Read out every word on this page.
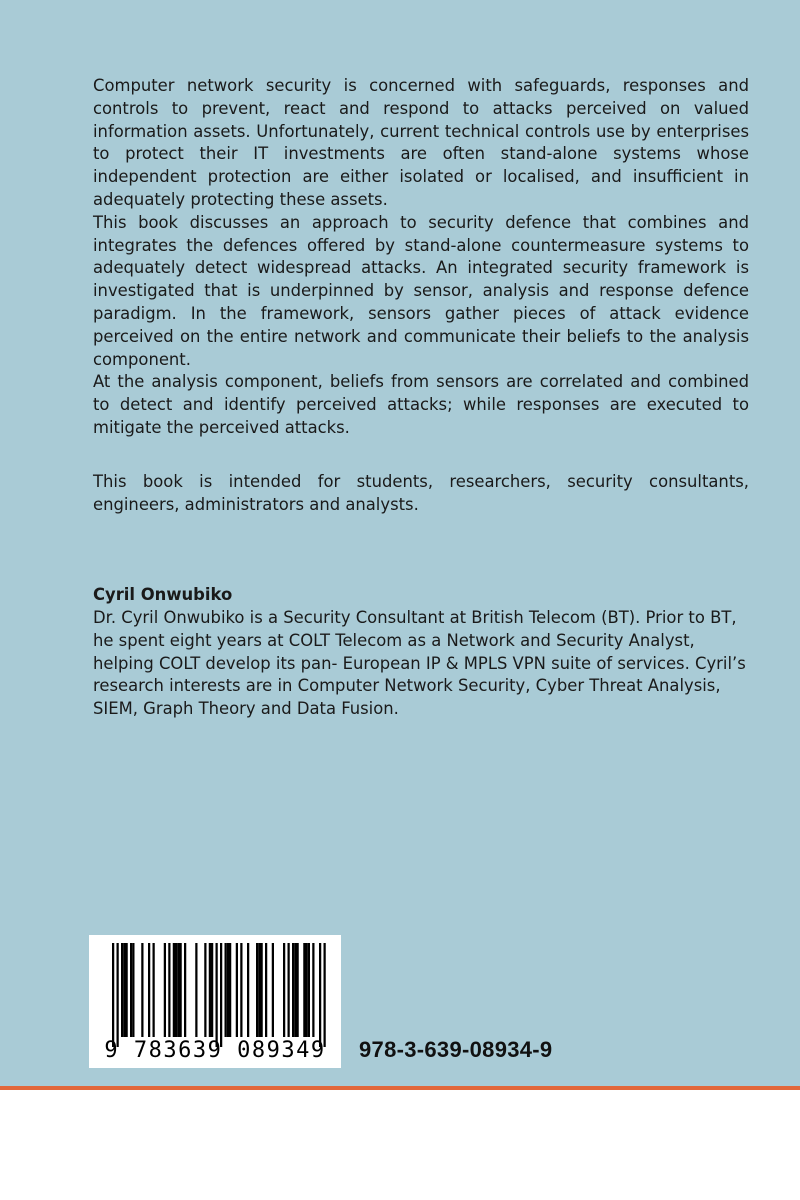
Computer network security is concerned with safeguards, responses and controls to prevent, react and respond to attacks perceived on valued information assets. Unfortunately, current technical controls use by enterprises to protect their IT investments are often stand-alone systems whose independent protection are either isolated or localised, and insufficient in adequately protecting these assets.

This book discusses an approach to security defence that combines and integrates the defences offered by stand-alone countermeasure systems to adequately detect widespread attacks. An integrated security framework is investigated that is underpinned by sensor, analysis and response defence paradigm. In the framework, sensors gather pieces of attack evidence perceived on the entire network and communicate their beliefs to the analysis component.

At the analysis component, beliefs from sensors are correlated and combined to detect and identify perceived attacks; while responses are executed to mitigate the perceived attacks.

This book is intended for students, researchers, security consultants, engineers, administrators and analysts.

Cyril Onwubiko
Dr. Cyril Onwubiko is a Security Consultant at British Telecom (BT). Prior to BT, he spent eight years at COLT Telecom as a Network and Security Analyst, helping COLT develop its pan- European IP & MPLS VPN suite of services. Cyril’s research interests are in Computer Network Security, Cyber Threat Analysis, SIEM, Graph Theory and Data Fusion.
9 783639 089349	978-3-639-08934-9
